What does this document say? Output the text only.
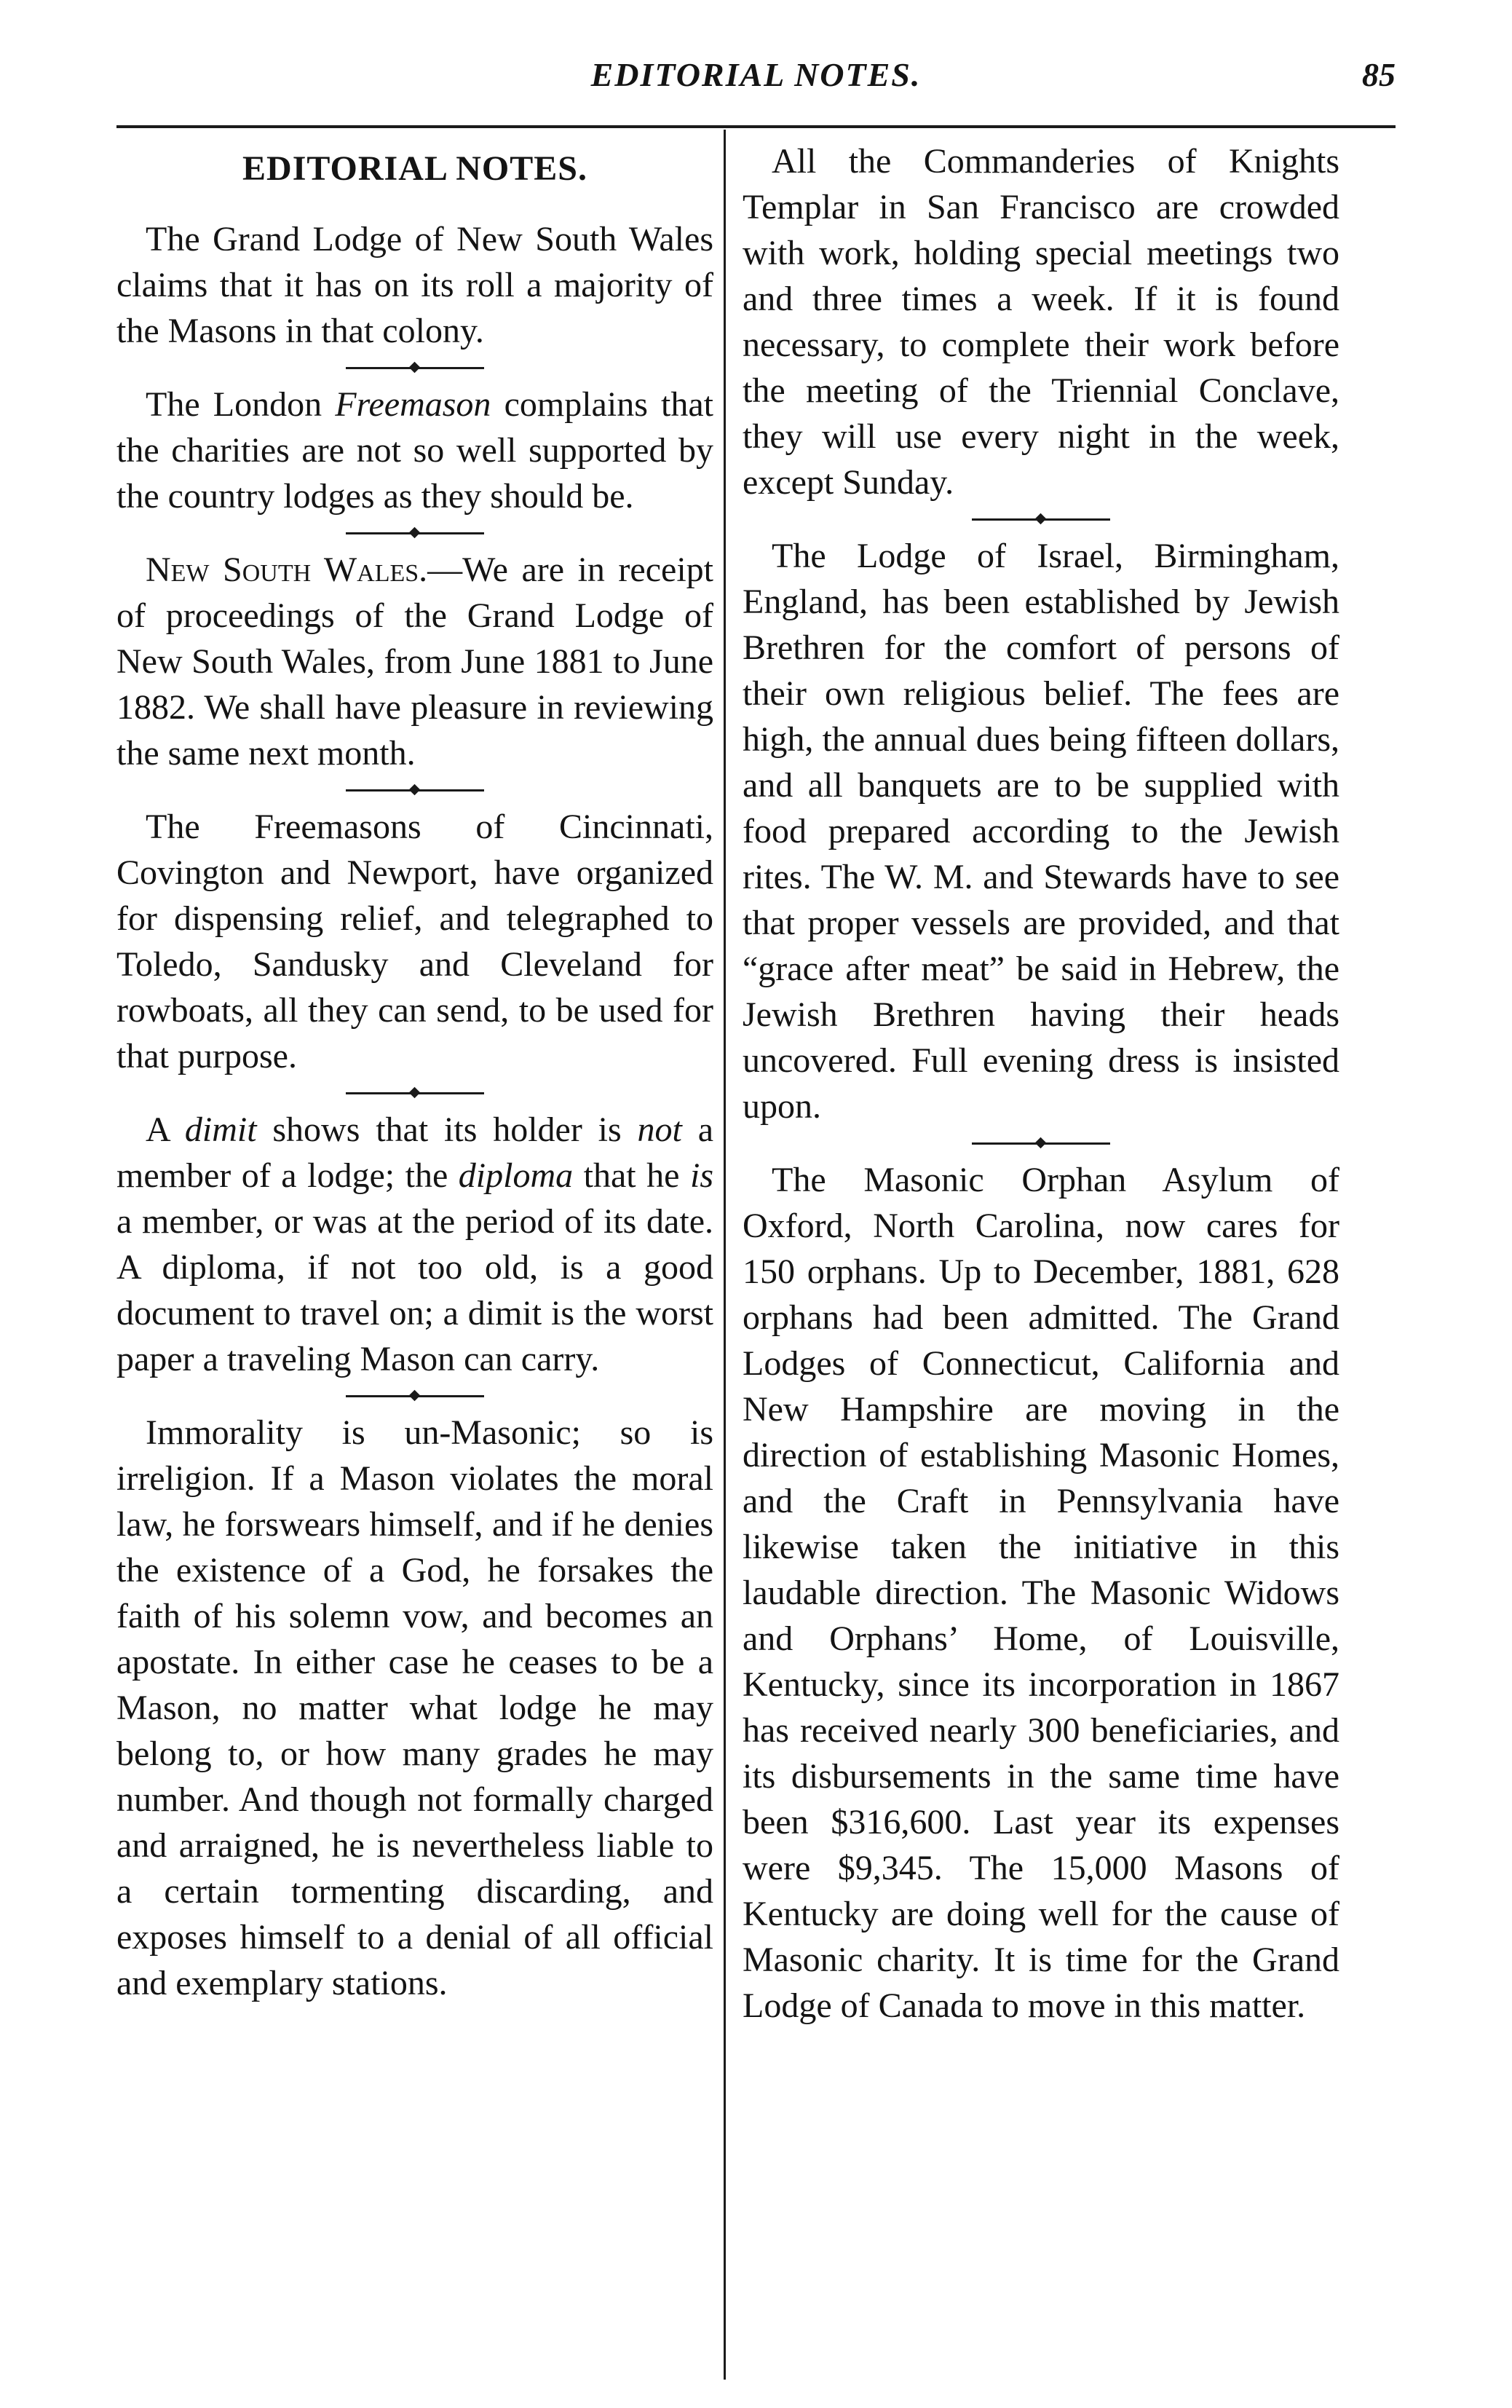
EDITORIAL NOTES.	85
EDITORIAL NOTES.

The Grand Lodge of New South Wales claims that it has on its roll a majority of the Masons in that colony.

The London Freemason complains that the charities are not so well supported by the country lodges as they should be.

New South Wales.—We are in receipt of proceedings of the Grand Lodge of New South Wales, from June 1881 to June 1882. We shall have pleasure in reviewing the same next month.

The Freemasons of Cincinnati, Covington and Newport, have organized for dispensing relief, and telegraphed to Toledo, Sandusky and Cleveland for rowboats, all they can send, to be used for that purpose.

A dimit shows that its holder is not a member of a lodge; the diploma that he is a member, or was at the period of its date. A diploma, if not too old, is a good document to travel on; a dimit is the worst paper a traveling Mason can carry.

Immorality is un-Masonic; so is irreligion. If a Mason violates the moral law, he forswears himself, and if he denies the existence of a God, he forsakes the faith of his solemn vow, and becomes an apostate. In either case he ceases to be a Mason, no matter what lodge he may belong to, or how many grades he may number. And though not formally charged and arraigned, he is nevertheless liable to a certain tormenting discarding, and exposes himself to a denial of all official and exemplary stations.

All the Commanderies of Knights Templar in San Francisco are crowded with work, holding special meetings two and three times a week. If it is found necessary, to complete their work before the meeting of the Triennial Conclave, they will use every night in the week, except Sunday.

The Lodge of Israel, Birmingham, England, has been established by Jewish Brethren for the comfort of persons of their own religious belief. The fees are high, the annual dues being fifteen dollars, and all banquets are to be supplied with food prepared according to the Jewish rites. The W. M. and Stewards have to see that proper vessels are provided, and that “grace after meat” be said in Hebrew, the Jewish Brethren having their heads uncovered. Full evening dress is insisted upon.

The Masonic Orphan Asylum of Oxford, North Carolina, now cares for 150 orphans. Up to December, 1881, 628 orphans had been admitted. The Grand Lodges of Connecticut, California and New Hampshire are moving in the direction of establishing Masonic Homes, and the Craft in Pennsylvania have likewise taken the initiative in this laudable direction. The Masonic Widows and Orphans’ Home, of Louisville, Kentucky, since its incorporation in 1867 has received nearly 300 beneficiaries, and its disbursements in the same time have been $316,600. Last year its expenses were $9,345. The 15,000 Masons of Kentucky are doing well for the cause of Masonic charity. It is time for the Grand Lodge of Canada to move in this matter.
